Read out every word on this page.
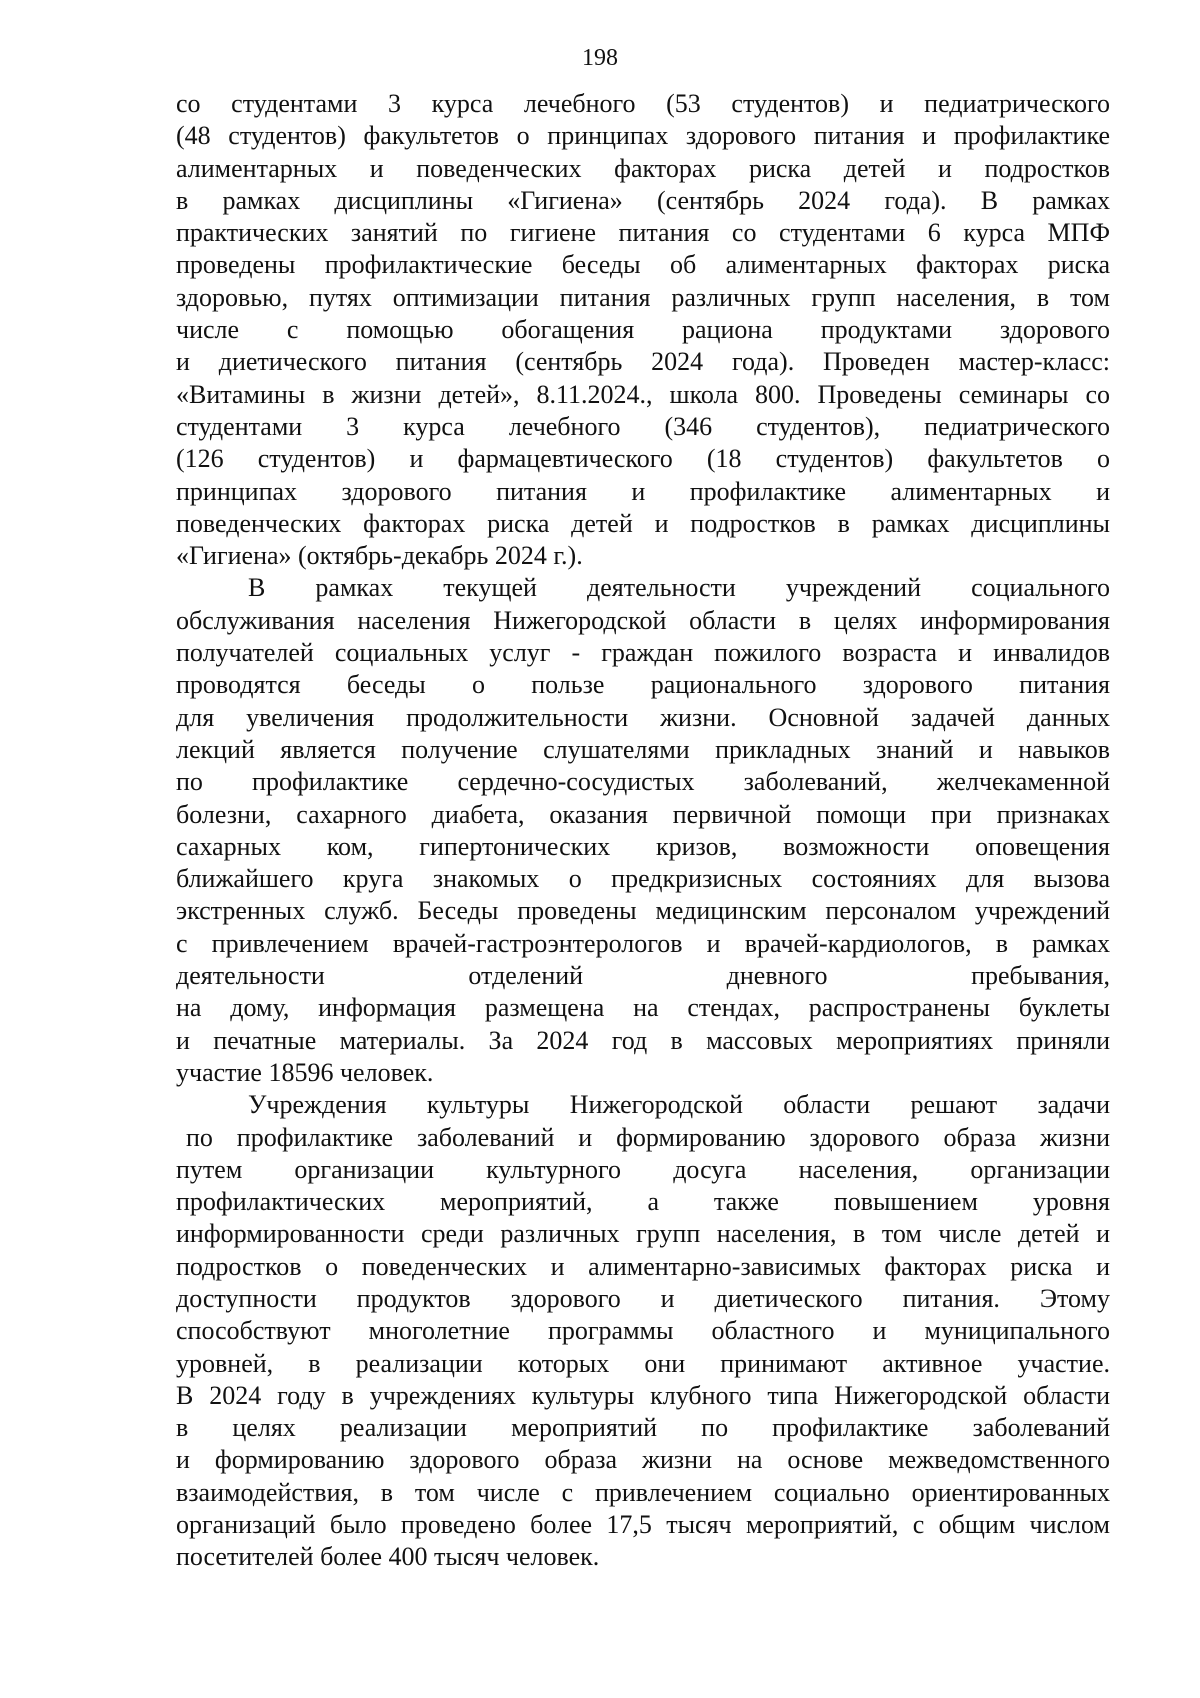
198
со студентами 3 курса лечебного (53 студентов) и педиатрического
(48 студентов) факультетов о принципах здорового питания и профилактике
алиментарных и поведенческих факторах риска детей и подростков
в рамках дисциплины «Гигиена» (сентябрь 2024 года). В рамках
практических занятий по гигиене питания со студентами 6 курса МПФ
проведены профилактические беседы об алиментарных факторах риска
здоровью, путях оптимизации питания различных групп населения, в том
числе с помощью обогащения рациона продуктами здорового
и диетического питания (сентябрь 2024 года). Проведен мастер-класс:
«Витамины в жизни детей», 8.11.2024., школа 800. Проведены семинары со
студентами 3 курса лечебного (346 студентов), педиатрического
(126 студентов) и фармацевтического (18 студентов) факультетов о
принципах здорового питания и профилактике алиментарных и
поведенческих факторах риска детей и подростков в рамках дисциплины
«Гигиена» (октябрь-декабрь 2024 г.).
В рамках текущей деятельности учреждений социального
обслуживания населения Нижегородской области в целях информирования
получателей социальных услуг - граждан пожилого возраста и инвалидов
проводятся беседы о пользе рационального здорового питания
для увеличения продолжительности жизни. Основной задачей данных
лекций является получение слушателями прикладных знаний и навыков
по профилактике сердечно-сосудистых заболеваний, желчекаменной
болезни, сахарного диабета, оказания первичной помощи при признаках
сахарных ком, гипертонических кризов, возможности оповещения
ближайшего круга знакомых о предкризисных состояниях для вызова
экстренных служб. Беседы проведены медицинским персоналом учреждений
с привлечением врачей-гастроэнтерологов и врачей-кардиологов, в рамках
деятельности отделений дневного пребывания,
на дому, информация размещена на стендах, распространены буклеты
и печатные материалы. За 2024 год в массовых мероприятиях приняли
участие 18596 человек.
Учреждения культуры Нижегородской области решают задачи
по профилактике заболеваний и формированию здорового образа жизни
путем организации культурного досуга населения, организации
профилактических мероприятий, а также повышением уровня
информированности среди различных групп населения, в том числе детей и
подростков о поведенческих и алиментарно-зависимых факторах риска и
доступности продуктов здорового и диетического питания. Этому
способствуют многолетние программы областного и муниципального
уровней, в реализации которых они принимают активное участие.
В 2024 году в учреждениях культуры клубного типа Нижегородской области
в целях реализации мероприятий по профилактике заболеваний
и формированию здорового образа жизни на основе межведомственного
взаимодействия, в том числе с привлечением социально ориентированных
организаций было проведено более 17,5 тысяч мероприятий, с общим числом
посетителей более 400 тысяч человек.
